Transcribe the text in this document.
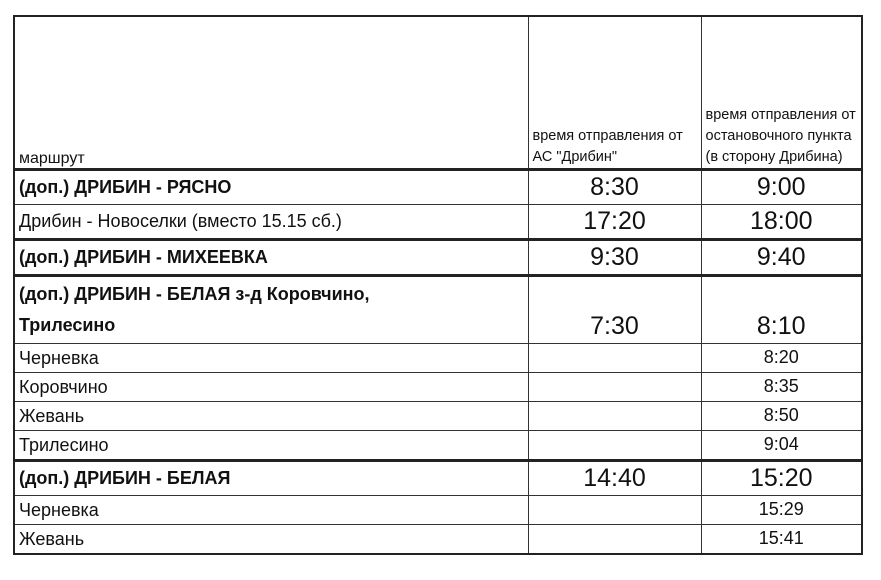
маршрут	время отправления от АС "Дрибин"	время отправления от остановочного пункта (в сторону Дрибина)
(доп.) ДРИБИН - РЯСНО	8:30	9:00
Дрибин - Новоселки (вместо 15.15 сб.)	17:20	18:00
(доп.) ДРИБИН - МИХЕЕВКА	9:30	9:40

(доп.) ДРИБИН - БЕЛАЯ з-д Коровчино,
Трилесино	7:30	8:10
Черневка		8:20
Коровчино		8:35
Жевань		8:50
Трилесино		9:04
(доп.) ДРИБИН - БЕЛАЯ	14:40	15:20
Черневка		15:29
Жевань		15:41
